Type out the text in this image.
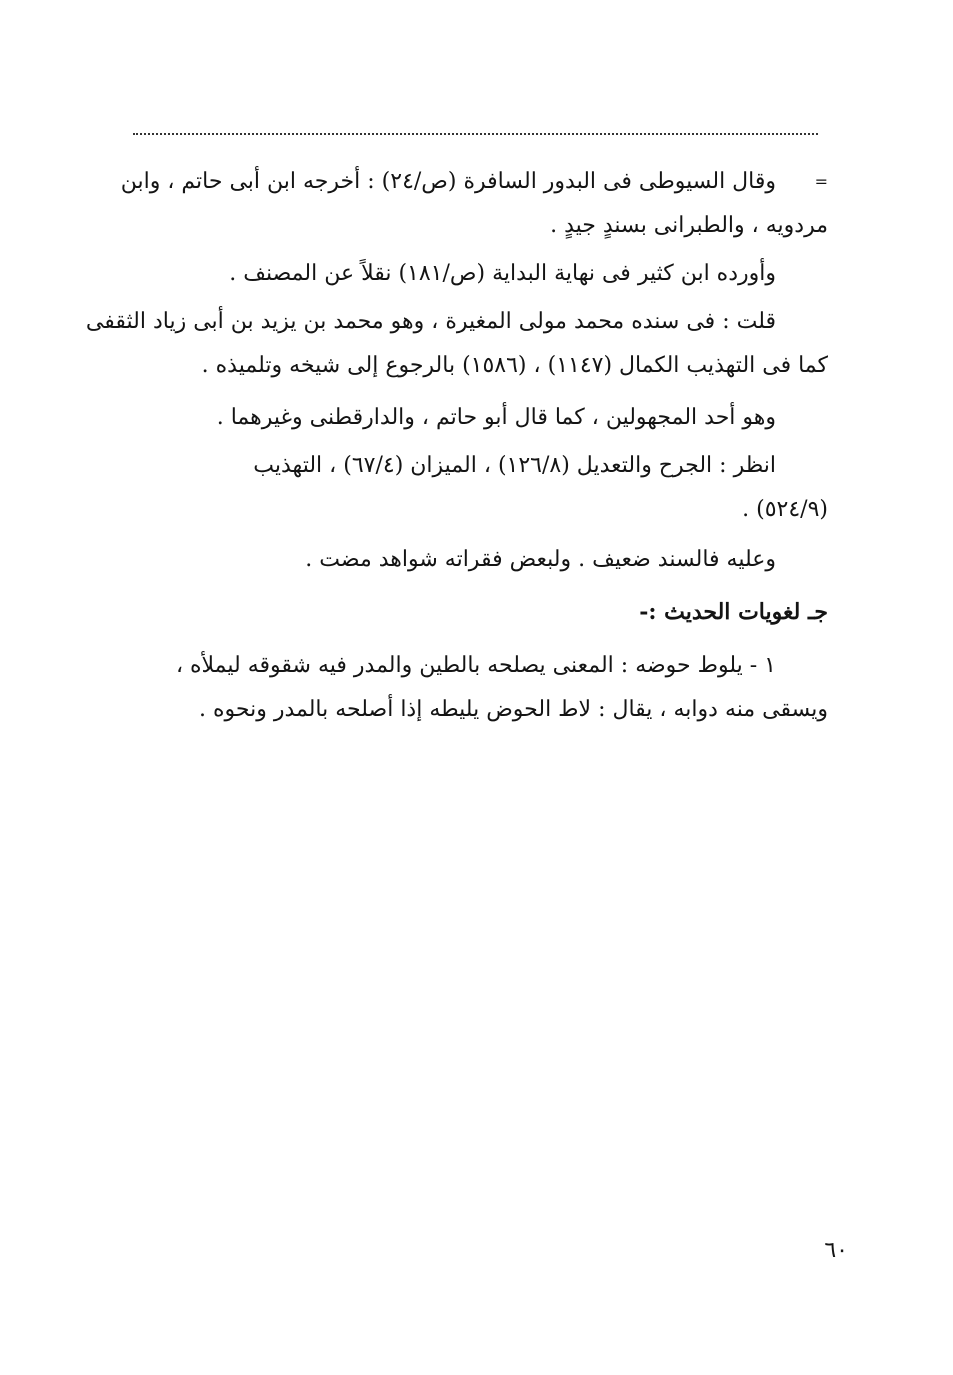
=
وقال السيوطى فى البدور السافرة (ص/٢٤) : أخرجه ابن أبى حاتم ، وابن
مردويه ، والطبرانى بسندٍ جيدٍ .
وأورده ابن كثير فى نهاية البداية (ص/١٨١) نقلاً عن المصنف .
قلت : فى سنده محمد مولى المغيرة ، وهو محمد بن يزيد بن أبى زياد الثقفى
كما فى التهذيب الكمال (١١٤٧) ، (١٥٨٦) بالرجوع إلى شيخه وتلميذه .
وهو أحد المجهولين ، كما قال أبو حاتم ، والدارقطنى وغيرهما .
انظر : الجرح والتعديل (١٢٦/٨) ، الميزان (٦٧/٤) ، التهذيب
(٥٢٤/٩) .
وعليه فالسند ضعيف . ولبعض فقراته شواهد مضت .
جـ لغويات الحديث :-
١ - يلوط حوضه : المعنى يصلحه بالطين والمدر فيه شقوقه ليملأه ،
ويسقى منه دوابه ، يقال : لاط الحوض يليطه إذا أصلحه بالمدر ونحوه .
٦٠
